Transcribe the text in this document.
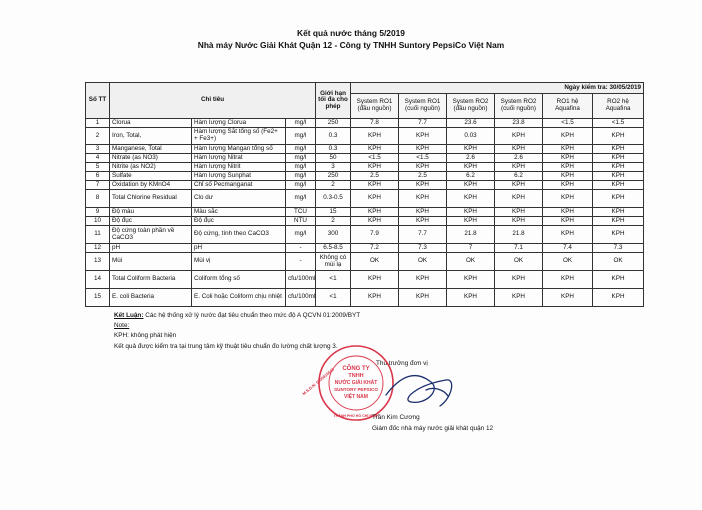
Kết quả nước tháng 5/2019
Nhà máy Nước Giải Khát Quận 12 - Công ty TNHH Suntory PepsiCo Việt Nam
Số TT	Chỉ tiêu			Giới hạn tối đa cho phép	Ngày kiểm tra: 30/05/2019					
					System RO1 (đầu nguồn)	System RO1 (cuối nguồn)	System RO2 (đầu nguồn)	System RO2 (cuối nguồn)	RO1 hệ Aquafina	RO2 hệ Aquafina
1	Clorua	Hàm lượng Clorua	mg/l	250	7.8	7.7	23.6	23.8	<1.5	<1.5
2	Iron, Total,	Hàm lượng Sắt tổng số (Fe2+ + Fe3+)	mg/l	0.3	KPH	KPH	0.03	KPH	KPH	KPH
3	Manganese, Total	Hàm lượng Mangan tổng số	mg/l	0.3	KPH	KPH	KPH	KPH	KPH	KPH
4	Nitrate (as NO3)	Hàm lượng Nitrat	mg/l	50	<1.5	<1.5	2.6	2.6	KPH	KPH
5	Nitrite (as NO2)	Hàm lượng Nitrit	mg/l	3	KPH	KPH	KPH	KPH	KPH	KPH
6	Sulfate	Hàm lượng Sunphat	mg/l	250	2.5	2.5	6.2	6.2	KPH	KPH
7	Oxidation by KMnO4	Chỉ số Pecmanganat	mg/l	2	KPH	KPH	KPH	KPH	KPH	KPH
8	Total Chlorine Residual	Clo dư	mg/l	0.3-0.5	KPH	KPH	KPH	KPH	KPH	KPH
9	Độ màu	Màu sắc	TCU	15	KPH	KPH	KPH	KPH	KPH	KPH
10	Độ đục	Độ đục	NTU	2	KPH	KPH	KPH	KPH	KPH	KPH
11	Độ cứng toàn phần về CaCO3	Độ cứng, tính theo CaCO3	mg/l	300	7.9	7.7	21.8	21.8	KPH	KPH
12	pH	pH	-	6.5-8.5	7.2	7.3	7	7.1	7.4	7.3
13	Mùi	Mùi vị	-	Không có mùi lạ	OK	OK	OK	OK	OK	OK
14	Total Coliform Bacteria	Coliform tổng số	cfu/100ml	<1	KPH	KPH	KPH	KPH	KPH	KPH
15	E. coli Bacteria	E. Coli hoặc Coliform chịu nhiệt	cfu/100ml	<1	KPH	KPH	KPH	KPH	KPH	KPH
Kết Luận: Các hệ thống xử lý nước đạt tiêu chuẩn theo mức độ A QCVN 01:2009/BYT
Note:
KPH: không phát hiện
Kết quả được kiểm tra tại trung tâm kỹ thuật tiêu chuẩn đo lường chất lượng 3.
Thủ trưởng đơn vị
CÔNG TY
TNHH
NƯỚC GIẢI KHÁT
SUNTORY PEPSICO
VIỆT NAM
M.S.D.N: 0300816663
THÀNH PHỐ HỒ CHÍ MINH
Trần Kim Cương
Giám đốc nhà máy nước giải khát quận 12
